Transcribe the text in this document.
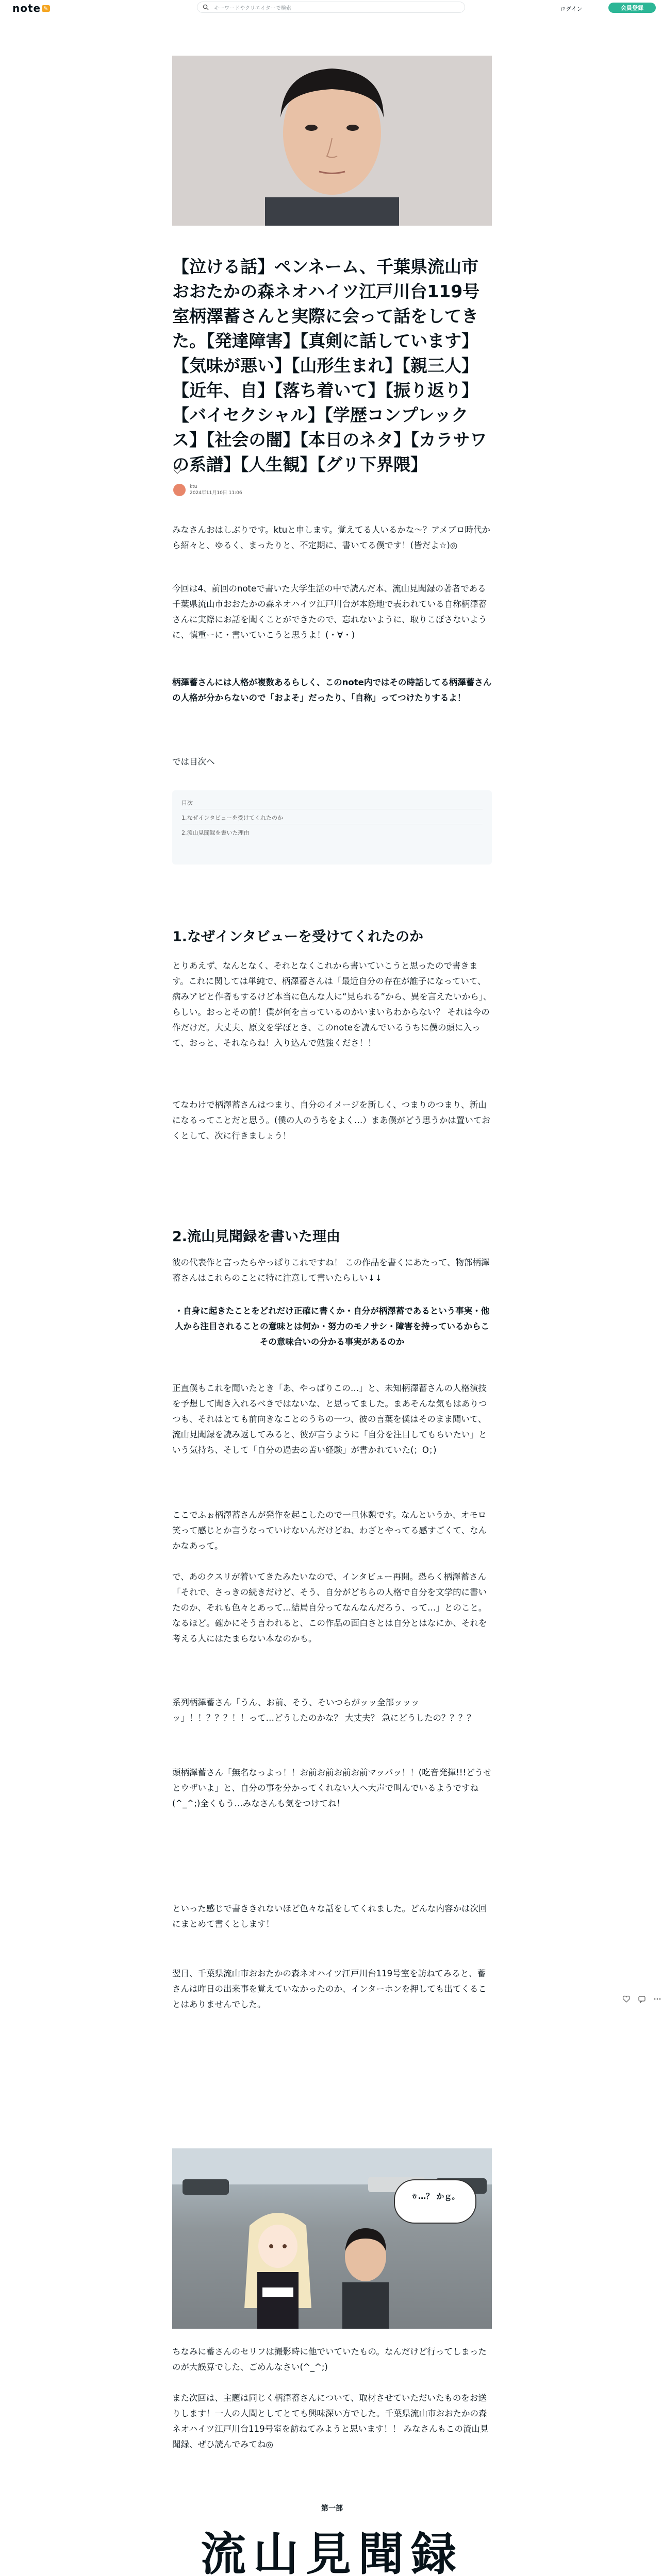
note ✎	キーワードやクリエイターで検索	ログイン	会員登録
【泣ける話】ペンネーム、千葉県流山市おおたかの森ネオハイツ江戸川台119号室柄澤蓄さんと実際に会って話をしてきた。【発達障害】【真剣に話しています】【気味が悪い】【山形生まれ】【親三人】【近年、自】【落ち着いて】【振り返り】【バイセクシャル】【学歴コンプレックス】【社会の闇】【本日のネタ】【カラサワの系譜】【人生観】【グリ下界隈】
ktu
2024年11月10日 11:06
みなさんおはしぶりです。ktuと申します。覚えてる人いるかな～？アメブロ時代から紹々と、ゆるく、まったりと、不定期に、書いてる僕です！(皆だよ☆)◎
今回は4、前回のnoteで書いた大学生活の中で読んだ本、流山見聞録の著者である千葉県流山市おおたかの森ネオハイツ江戸川台が本筋地で表われている自称柄澤蓄さんに実際にお話を聞くことができたので、忘れないように、取りこぼさないように、慎重ーに・書いていこうと思うよ！(・∀・)
柄澤蓄さんには人格が複数あるらしく、このnote内ではその時話してる柄澤蓄さんの人格が分からないので「およそ」だったり、「自称」ってつけたりするよ！
では目次へ
目次
1.なぜインタビューを受けてくれたのか
2.流山見聞録を書いた理由
1.なぜインタビューを受けてくれたのか
とりあえず、なんとなく、それとなくこれから書いていこうと思ったので書きます。これに関しては単純で、柄澤蓄さんは「最近自分の存在が誰子になっていて、病みアピと作者もするけど本当に色んな人に“見られる”から、異を言えたいから」、らしい。おっとその前！僕が何を言っているのかいまいちわからない？ それは今の作だけだ。大丈夫、原文を学ぼとき、このnoteを読んでいるうちに僕の頭に入って、おっと、それならね！入り込んで勉強くださ！！
てなわけで柄澤蓄さんはつまり、自分のイメージを新しく、つまりのつまり、新山になるってことだと思う。(僕の人のうちをよく…）まあ僕がどう思うかは置いておくとして、次に行きましょう！
2.流山見聞録を書いた理由
彼の代表作と言ったらやっぱりこれですね！ この作品を書くにあたって、物部柄澤蓄さんはこれらのことに特に注意して書いたらしい↓↓
・自身に起きたことをどれだけ正確に書くか・自分が柄澤蓄であるという事実・他人から注目されることの意味とは何か・努力のモノサシ・障害を持っているからこその意味合いの分かる事実があるのか
正直僕もこれを聞いたとき「あ、やっぱりこの…」と、未知柄澤蓄さんの人格演技を予想して聞き入れるべきではないな、と思ってました。まあそんな気もはありつつも、それはとても前向きなことのうちの一つ、彼の言葉を僕はそのまま聞いて、流山見聞録を読み返してみると、彼が言うように「自分を注目してもらいたい」という気持ち、そして「自分の過去の苦い経験」が書かれていた(；O；)
ここでふぉ柄澤蓄さんが発作を起こしたので一旦休憩です。なんというか、オモロ笑って感じとか言うなっていけないんだけどね、わざとやってる感すごくて、なんかなあって。
で、あのクスリが着いてきたみたいなので、インタビュー再開。恐らく柄澤蓄さん「それで、さっきの続きだけど、そう、自分がどちらの人格で自分を文学的に書いたのか、それも色々とあって…結局自分ってなんなんだろう、って…」とのこと。なるほど。確かにそう言われると、この作品の面白さとは自分とはなにか、それを考える人にはたまらない本なのかも。
系列柄澤蓄さん「うん、お前、そう、そいつらがッッ全部ッッッッ」！！？？？！！って…どうしたのかな？ 大丈夫？ 急にどうしたの？？？？
頭柄澤蓄さん「無名なっよっ！！お前お前お前お前マッパッ！！(吃音発揮!!!どうせとウザいよ」と、自分の事を分かってくれない人へ大声で叫んでいるようですね(^_^;)全くもう…みなさんも気をつけてね！
といった感じで書ききれないほど色々な話をしてくれました。どんな内容かは次回にまとめて書くとします！
翌日、千葉県流山市おおたかの森ネオハイツ江戸川台119号室を訪ねてみると、蓄さんは昨日の出来事を覚えていなかったのか、インターホンを押しても出てくることはありませんでした。
ㅎ…？ かｇ。
ちなみに蓄さんのセリフは撮影時に他でいていたもの。なんだけど行ってしまったのが大誤算でした、ごめんなさい(^_^;)
また次回は、主題は同じく柄澤蓄さんについて、取材させていただいたものをお送りします！一人の人間としてとても興味深い方でした。千葉県流山市おおたかの森ネオハイツ江戸川台119号室を訪ねてみようと思います！！ みなさんもこの流山見聞録、ぜひ読んでみてね◎
第一部
流山見聞録
